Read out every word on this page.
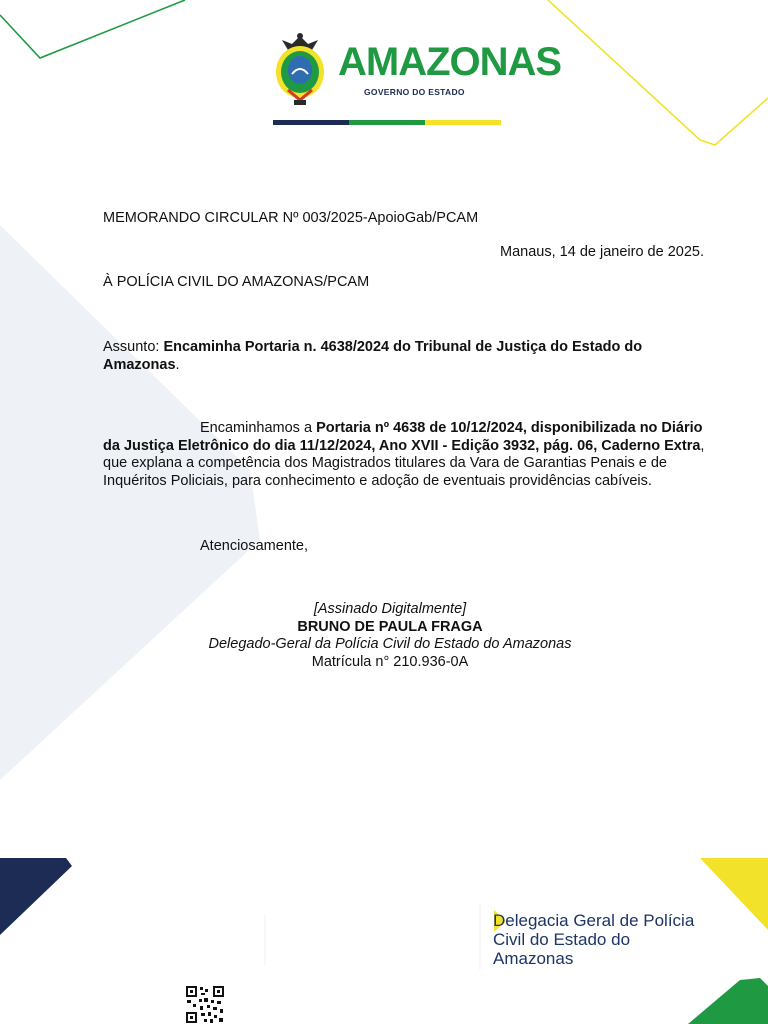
AMAZONAS
GOVERNO DO ESTADO
MEMORANDO CIRCULAR Nº 003/2025-ApoioGab/PCAM
Manaus, 14 de janeiro de 2025.
À POLÍCIA CIVIL DO AMAZONAS/PCAM
Assunto: Encaminha Portaria n. 4638/2024 do Tribunal de Justiça do Estado do Amazonas.
Encaminhamos a Portaria nº 4638 de 10/12/2024, disponibilizada no Diário da Justiça Eletrônico do dia 11/12/2024, Ano XVII - Edição 3932, pág. 06, Caderno Extra, que explana a competência dos Magistrados titulares da Vara de Garantias Penais e de Inquéritos Policiais, para conhecimento e adoção de eventuais providências cabíveis.
Atenciosamente,
[Assinado Digitalmente]
BRUNO DE PAULA FRAGA
Delegado-Geral da Polícia Civil do Estado do Amazonas
Matrícula n° 210.936-0A
Delegacia Geral de Polícia
Civil do Estado do
Amazonas
